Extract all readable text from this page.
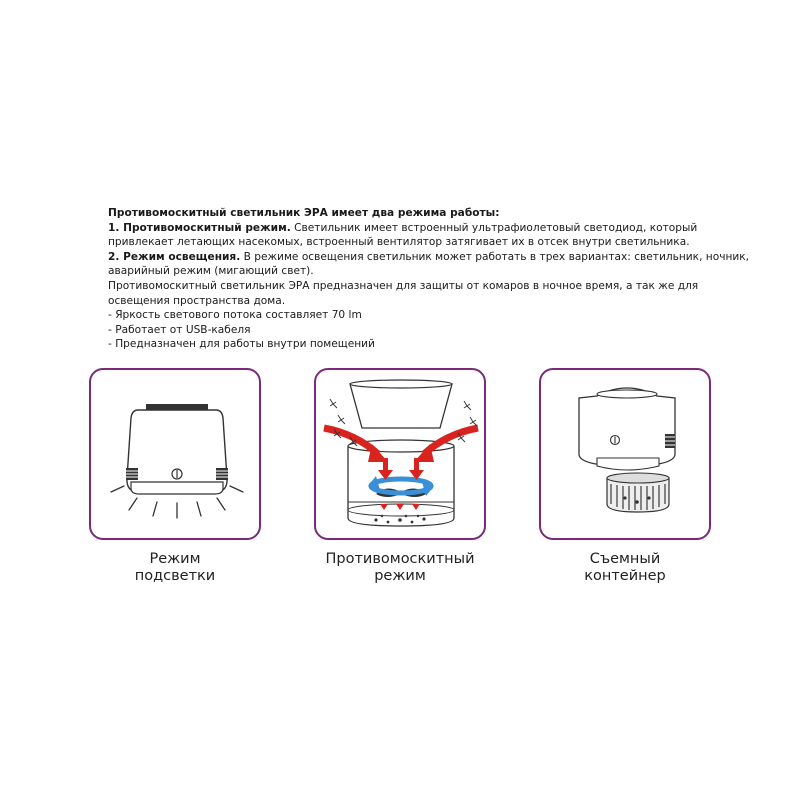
Противомоскитный светильник ЭРА имеет два режима работы:

1. Противомоскитный режим. Светильник имеет встроенный ультрафиолетовый светодиод, который

привлекает летающих насекомых, встроенный вентилятор затягивает их в отсек внутри светильника.

2. Режим освещения. В режиме освещения светильник может работать в трех вариантах: светильник, ночник,

аварийный режим (мигающий свет).

Противомоскитный светильник ЭРА предназначен для защиты от комаров в ночное время, а так же для

освещения пространства дома.

- Яркость светового потока составляет 70 lm

- Работает от USB-кабеля

- Предназначен для работы внутри помещений

Режим
подсветки
Противомоскитный
режим
Съемный
контейнер
